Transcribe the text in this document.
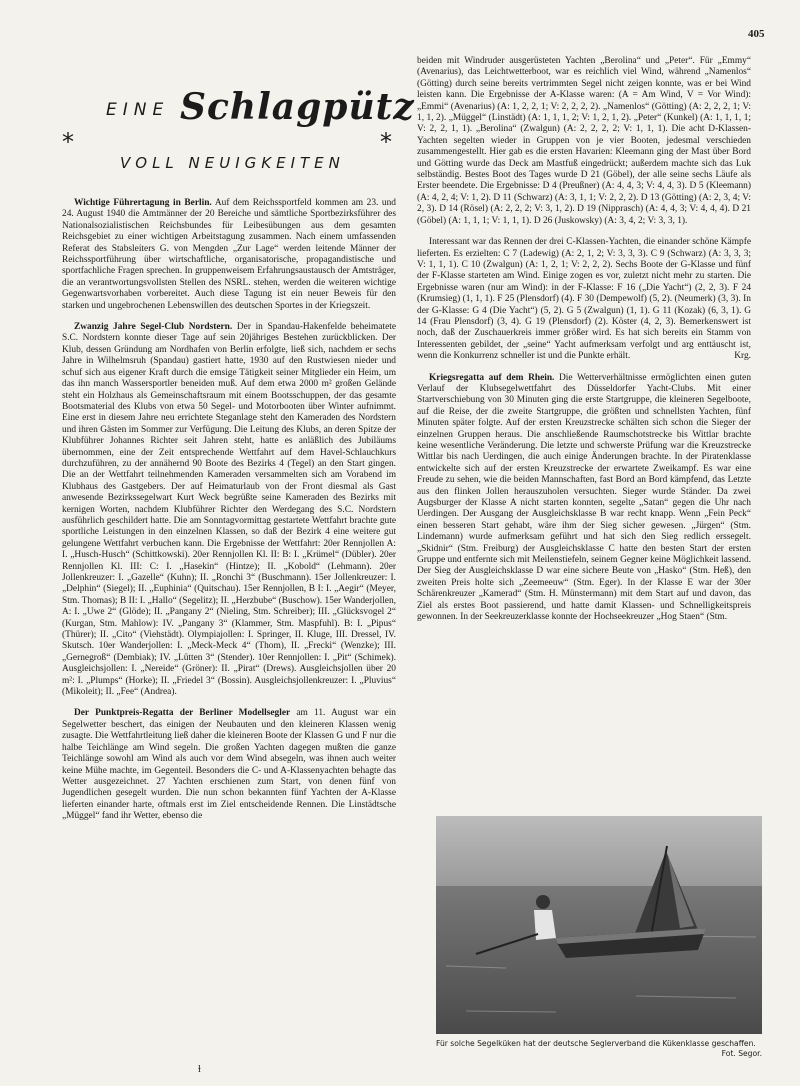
405
EINE Schlagpütz
*	*
VOLL NEUIGKEITEN

Wichtige Führertagung in Berlin. Auf dem Reichssportfeld kommen am 23. und 24. August 1940 die Amtmänner der 20 Bereiche und sämtliche Sportbezirksführer des Nationalsozialistischen Reichsbundes für Leibesübungen aus dem gesamten Reichsgebiet zu einer wichtigen Arbeitstagung zusammen. Nach einem umfassenden Referat des Stabsleiters G. von Mengden „Zur Lage“ werden leitende Männer der Reichssportführung über wirtschaftliche, organisatorische, propagandistische und sportfachliche Fragen sprechen. In gruppenweisem Erfahrungsaustausch der Amtsträger, die an verantwortungsvollsten Stellen des NSRL. stehen, werden die weiteren wichtige Gegenwartsvorhaben vorbereitet. Auch diese Tagung ist ein neuer Beweis für den starken und ungebrochenen Lebenswillen des deutschen Sportes in der Kriegszeit.

Zwanzig Jahre Segel-Club Nordstern. Der in Spandau-Hakenfelde beheimatete S.C. Nordstern konnte dieser Tage auf sein 20jähriges Bestehen zurückblicken. Der Klub, dessen Gründung am Nordhafen von Berlin erfolgte, ließ sich, nachdem er sechs Jahre in Wilhelmsruh (Spandau) gastiert hatte, 1930 auf den Rustwiesen nieder und schuf sich aus eigener Kraft durch die emsige Tätigkeit seiner Mitglieder ein Heim, um das ihn manch Wassersportler beneiden muß. Auf dem etwa 2000 m² großen Gelände steht ein Holzhaus als Gemeinschaftsraum mit einem Bootsschuppen, der das gesamte Bootsmaterial des Klubs von etwa 50 Segel- und Motorbooten über Winter aufnimmt. Eine erst in diesem Jahre neu errichtete Steganlage steht den Kameraden des Nordstern und ihren Gästen im Sommer zur Verfügung. Die Leitung des Klubs, an deren Spitze der Klubführer Johannes Richter seit Jahren steht, hatte es anläßlich des Jubiläums übernommen, eine der Zeit entsprechende Wettfahrt auf dem Havel-Schlauchkurs durchzuführen, zu der annähernd 90 Boote des Bezirks 4 (Tegel) an den Start gingen. Die an der Wettfahrt teilnehmenden Kameraden versammelten sich am Vorabend im Klubhaus des Gastgebers. Der auf Heimaturlaub von der Front diesmal als Gast anwesende Bezirkssegelwart Kurt Weck begrüßte seine Kameraden des Bezirks mit kernigen Worten, nachdem Klubführer Richter den Werdegang des S.C. Nordstern ausführlich geschildert hatte. Die am Sonntagvormittag gestartete Wettfahrt brachte gute sportliche Leistungen in den einzelnen Klassen, so daß der Bezirk 4 eine weitere gut gelungene Wettfahrt verbuchen kann. Die Ergebnisse der Wettfahrt: 20er Rennjollen A: I. „Husch-Husch“ (Schittkowski). 20er Rennjollen Kl. II: B: I. „Krümel“ (Dübler). 20er Rennjollen Kl. III: C: I. „Hasekin“ (Hintze); II. „Kobold“ (Lehmann). 20er Jollenkreuzer: I. „Gazelle“ (Kuhn); II. „Ronchi 3“ (Buschmann). 15er Jollenkreuzer: I. „Delphin“ (Siegel); II. „Euphinia“ (Quitschau). 15er Rennjollen, B I: I. „Aegir“ (Meyer, Stm. Thomas); B II: I. „Hallo“ (Segelitz); II. „Herzbube“ (Buschow). 15er Wanderjollen, A: I. „Uwe 2“ (Glöde); II. „Pangany 2“ (Nieling, Stm. Schreiber); III. „Glücksvogel 2“ (Kurgan, Stm. Mahlow): IV. „Pangany 3“ (Klammer, Stm. Maspfuhl). B: I. „Pipus“ (Thürer); II. „Cito“ (Viehstädt). Olympiajollen: I. Springer, II. Kluge, III. Dressel, IV. Skutsch. 10er Wanderjollen: I. „Meck-Meck 4“ (Thom), II. „Frecki“ (Wenzke); III. „Gernegroß“ (Dembiak); IV. „Lütten 3“ (Stender). 10er Rennjollen: I. „Pit“ (Schimek). Ausgleichsjollen: I. „Nereide“ (Gröner): II. „Pirat“ (Drews). Ausgleichsjollen über 20 m²: I. „Plumps“ (Horke); II. „Friedel 3“ (Bossin). Ausgleichsjollenkreuzer: I. „Pluvius“ (Mikoleit); II. „Fee“ (Andrea).

Der Punktpreis-Regatta der Berliner Modellsegler am 11. August war ein Segelwetter beschert, das einigen der Neubauten und den kleineren Klassen wenig zusagte. Die Wettfahrtleitung ließ daher die kleineren Boote der Klassen G und F nur die halbe Teichlänge am Wind segeln. Die großen Yachten dagegen mußten die ganze Teichlänge sowohl am Wind als auch vor dem Wind absegeln, was ihnen auch weiter keine Mühe machte, im Gegenteil. Besonders die C- und A-Klassenyachten behagte das Wetter ausgezeichnet. 27 Yachten erschienen zum Start, von denen fünf von Jugendlichen gesegelt wurden. Die nun schon bekannten fünf Yachten der A-Klasse lieferten einander harte, oftmals erst im Ziel entscheidende Rennen. Die Linstädtsche „Müggel“ fand ihr Wetter, ebenso die

beiden mit Windruder ausgerüsteten Yachten „Berolina“ und „Peter“. Für „Emmy“ (Avenarius), das Leichtwetterboot, war es reichlich viel Wind, während „Namenlos“ (Götting) durch seine bereits vertrimmten Segel nicht zeigen konnte, was er bei Wind leisten kann. Die Ergebnisse der A-Klasse waren: (A = Am Wind, V = Vor Wind): „Emmi“ (Avenarius) (A: 1, 2, 2, 1; V: 2, 2, 2, 2). „Namenlos“ (Götting) (A: 2, 2, 2, 1; V: 1, 1, 2). „Müggel“ (Linstädt) (A: 1, 1, 1, 2; V: 1, 2, 1, 2). „Peter“ (Kunkel) (A: 1, 1, 1, 1; V: 2, 2, 1, 1). „Berolina“ (Zwalgun) (A: 2, 2, 2, 2; V: 1, 1, 1). Die acht D-Klassen-Yachten segelten wieder in Gruppen von je vier Booten, jedesmal verschieden zusammengestellt. Hier gab es die ersten Havarien: Kleemann ging der Mast über Bord und Götting wurde das Deck am Mastfuß eingedrückt; außerdem machte sich das Luk selbständig. Bestes Boot des Tages wurde D 21 (Göbel), der alle seine sechs Läufe als Erster beendete. Die Ergebnisse: D 4 (Preußner) (A: 4, 4, 3; V: 4, 4, 3). D 5 (Kleemann) (A: 4, 2, 4; V: 1, 2). D 11 (Schwarz) (A: 3, 1, 1; V: 2, 2, 2). D 13 (Götting) (A: 2, 3, 4; V: 2, 3). D 14 (Rösel) (A: 2, 2, 2; V: 3, 1, 2). D 19 (Nipprasch) (A: 4, 4, 3; V: 4, 4, 4). D 21 (Göbel) (A: 1, 1, 1; V: 1, 1, 1). D 26 (Juskowsky) (A: 3, 4, 2; V: 3, 3, 1).

Interessant war das Rennen der drei C-Klassen-Yachten, die einander schöne Kämpfe lieferten. Es erzielten: C 7 (Ladewig) (A: 2, 1, 2; V: 3, 3, 3). C 9 (Schwarz) (A: 3, 3, 3; V: 1, 1, 1). C 10 (Zwalgun) (A: 1, 2, 1; V: 2, 2, 2). Sechs Boote der G-Klasse und fünf der F-Klasse starteten am Wind. Einige zogen es vor, zuletzt nicht mehr zu starten. Die Ergebnisse waren (nur am Wind): in der F-Klasse: F 16 („Die Yacht“) (2, 2, 3). F 24 (Krumsieg) (1, 1, 1). F 25 (Plensdorf) (4). F 30 (Dempewolf) (5, 2). (Neumerk) (3, 3). In der G-Klasse: G 4 (Die Yacht“) (5, 2). G 5 (Zwalgun) (1, 1). G 11 (Kozak) (6, 3, 1). G 14 (Frau Plensdorf) (3, 4). G 19 (Plensdorf) (2). Köster (4, 2, 3). Bemerkenswert ist noch, daß der Zuschauerkreis immer größer wird. Es hat sich bereits ein Stamm von Interessenten gebildet, der „seine“ Yacht aufmerksam verfolgt und arg enttäuscht ist, wenn die Konkurrenz schneller ist und die Punkte erhält.	Krg.

Kriegsregatta auf dem Rhein. Die Wetterverhältnisse ermöglichten einen guten Verlauf der Klubsegelwettfahrt des Düsseldorfer Yacht-Clubs. Mit einer Startverschiebung von 30 Minuten ging die erste Startgruppe, die kleineren Segelboote, auf die Reise, der die zweite Startgruppe, die größten und schnellsten Yachten, fünf Minuten später folgte. Auf der ersten Kreuzstrecke schälten sich schon die Sieger der einzelnen Gruppen heraus. Die anschließende Raumschotstrecke bis Wittlar brachte keine wesentliche Veränderung. Die letzte und schwerste Prüfung war die Kreuzstrecke Wittlar bis nach Uerdingen, die auch einige Änderungen brachte. In der Piratenklasse entwickelte sich auf der ersten Kreuzstrecke der erwartete Zweikampf. Es war eine Freude zu sehen, wie die beiden Mannschaften, fast Bord an Bord kämpfend, das Letzte aus den flinken Jollen herauszuholen versuchten. Sieger wurde Ständer. Da zwei Augsburger der Klasse A nicht starten konnten, segelte „Satan“ gegen die Uhr nach Uerdingen. Der Ausgang der Ausgleichsklasse B war recht knapp. Wenn „Fein Peck“ einen besseren Start gehabt, wäre ihm der Sieg sicher gewesen. „Jürgen“ (Stm. Lindemann) wurde aufmerksam geführt und hat sich den Sieg redlich erssegelt. „Skidnir“ (Stm. Freiburg) der Ausgleichsklasse C hatte den besten Start der ersten Gruppe und entfernte sich mit Meilenstiefeln, seinem Gegner keine Möglichkeit lassend. Der Sieg der Ausgleichsklasse D war eine sichere Beute von „Hasko“ (Stm. Heß), den zweiten Preis holte sich „Zeemeeuw“ (Stm. Eger). In der Klasse E war der 30er Schärenkreuzer „Kamerad“ (Stm. H. Münstermann) mit dem Start auf und davon, das Ziel als erstes Boot passierend, und hatte damit Klassen- und Schnelligkeitspreis gewonnen. In der Seekreuzerklasse konnte der Hochseekreuzer „Hog Staen“ (Stm.

Für solche Segelküken hat der deutsche Seglerverband die Kükenklasse geschaffen.
Fot. Segor.
ɫ
